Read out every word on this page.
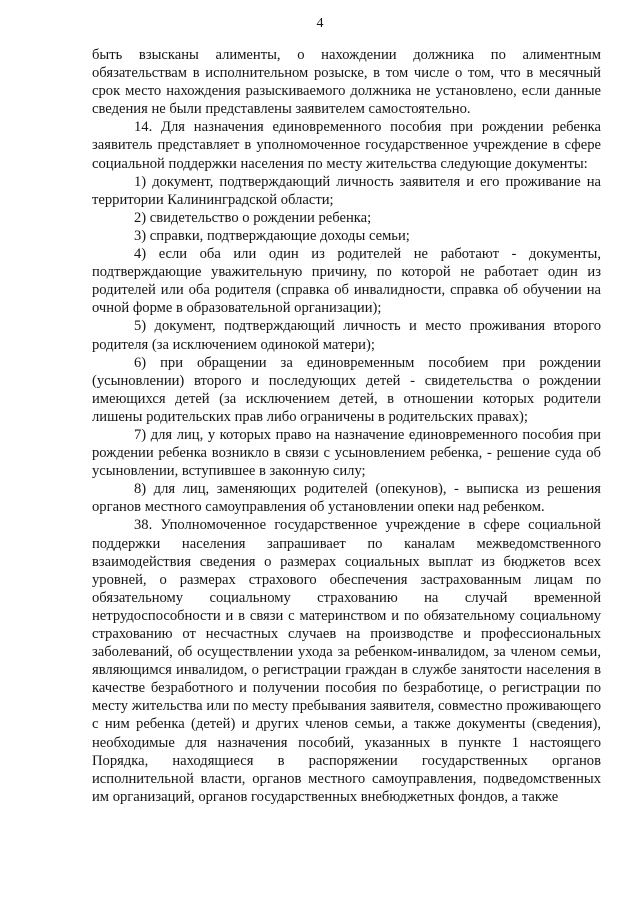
4

быть взысканы алименты, о нахождении должника по алиментным обязательствам в исполнительном розыске, в том числе о том, что в месячный срок место нахождения разыскиваемого должника не установлено, если данные сведения не были представлены заявителем самостоятельно.

14. Для назначения единовременного пособия при рождении ребенка заявитель представляет в уполномоченное государственное учреждение в сфере социальной поддержки населения по месту жительства следующие документы:

1) документ, подтверждающий личность заявителя и его проживание на территории Калининградской области;

2) свидетельство о рождении ребенка;

3) справки, подтверждающие доходы семьи;

4) если оба или один из родителей не работают - документы, подтверждающие уважительную причину, по которой не работает один из родителей или оба родителя (справка об инвалидности, справка об обучении на очной форме в образовательной организации);

5) документ, подтверждающий личность и место проживания второго родителя (за исключением одинокой матери);

6) при обращении за единовременным пособием при рождении (усыновлении) второго и последующих детей - свидетельства о рождении имеющихся детей (за исключением детей, в отношении которых родители лишены родительских прав либо ограничены в родительских правах);

7) для лиц, у которых право на назначение единовременного пособия при рождении ребенка возникло в связи с усыновлением ребенка, - решение суда об усыновлении, вступившее в законную силу;

8) для лиц, заменяющих родителей (опекунов), - выписка из решения органов местного самоуправления об установлении опеки над ребенком.

38. Уполномоченное государственное учреждение в сфере социальной поддержки населения запрашивает по каналам межведомственного взаимодействия сведения о размерах социальных выплат из бюджетов всех уровней, о размерах страхового обеспечения застрахованным лицам по обязательному социальному страхованию на случай временной нетрудоспособности и в связи с материнством и по обязательному социальному страхованию от несчастных случаев на производстве и профессиональных заболеваний, об осуществлении ухода за ребенком-инвалидом, за членом семьи, являющимся инвалидом, о регистрации граждан в службе занятости населения в качестве безработного и получении пособия по безработице, о регистрации по месту жительства или по месту пребывания заявителя, совместно проживающего с ним ребенка (детей) и других членов семьи, а также документы (сведения), необходимые для назначения пособий, указанных в пункте 1 настоящего Порядка, находящиеся в распоряжении государственных органов исполнительной власти, органов местного самоуправления, подведомственных им организаций, органов государственных внебюджетных фондов, а также
